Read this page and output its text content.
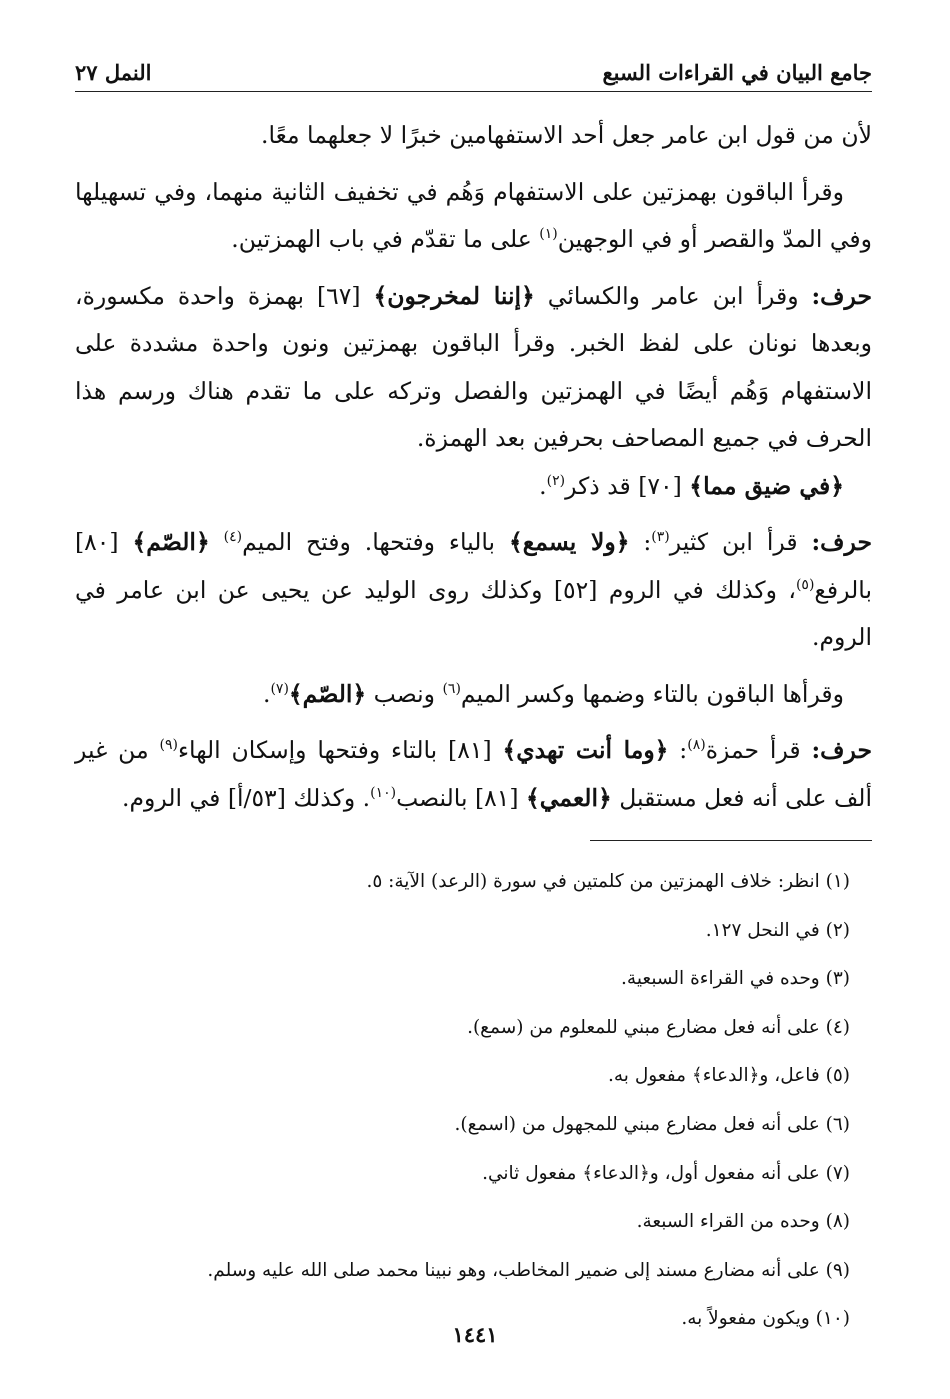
جامع البيان في القراءات السبع
النمل ٢٧

لأن من قول ابن عامر جعل أحد الاستفهامين خبرًا لا جعلهما معًا.

وقرأ الباقون بهمزتين على الاستفهام وَهُم في تخفيف الثانية منهما، وفي تسهيلها وفي المدّ والقصر أو في الوجهين$^{(١)}$ على ما تقدّم في باب الهمزتين.

حرف: وقرأ ابن عامر والكسائي ﴿إننا لمخرجون﴾ [٦٧] بهمزة واحدة مكسورة، وبعدها نونان على لفظ الخبر. وقرأ الباقون بهمزتين ونون واحدة مشددة على الاستفهام وَهُم أيضًا في الهمزتين والفصل وتركه على ما تقدم هناك ورسم هذا الحرف في جميع المصاحف بحرفين بعد الهمزة.

﴿في ضيق مما﴾ [٧٠] قد ذكر$^{(٢)}$.

حرف: قرأ ابن كثير$^{(٣)}$: ﴿ولا يسمع﴾ بالياء وفتحها. وفتح الميم$^{(٤)}$ ﴿الصّم﴾ [٨٠] بالرفع$^{(٥)}$، وكذلك في الروم [٥٢] وكذلك روى الوليد عن يحيى عن ابن عامر في الروم.

وقرأها الباقون بالتاء وضمها وكسر الميم$^{(٦)}$ ونصب ﴿الصّم﴾$^{(٧)}$.

حرف: قرأ حمزة$^{(٨)}$: ﴿وما أنت تهدي﴾ [٨١] بالتاء وفتحها وإسكان الهاء$^{(٩)}$ من غير ألف على أنه فعل مستقبل ﴿العمي﴾ [٨١] بالنصب$^{(١٠)}$. وكذلك [٥٣/أ] في الروم.

(١) انظر: خلاف الهمزتين من كلمتين في سورة (الرعد) الآية: ٥.
(٢) في النحل ١٢٧.
(٣) وحده في القراءة السبعية.
(٤) على أنه فعل مضارع مبني للمعلوم من (سمع).
(٥) فاعل، و﴿الدعاء﴾ مفعول به.
(٦) على أنه فعل مضارع مبني للمجهول من (اسمع).
(٧) على أنه مفعول أول، و﴿الدعاء﴾ مفعول ثاني.
(٨) وحده من القراء السبعة.
(٩) على أنه مضارع مسند إلى ضمير المخاطب، وهو نبينا محمد صلى الله عليه وسلم.
(١٠) ويكون مفعولاً به.
١٤٤١
